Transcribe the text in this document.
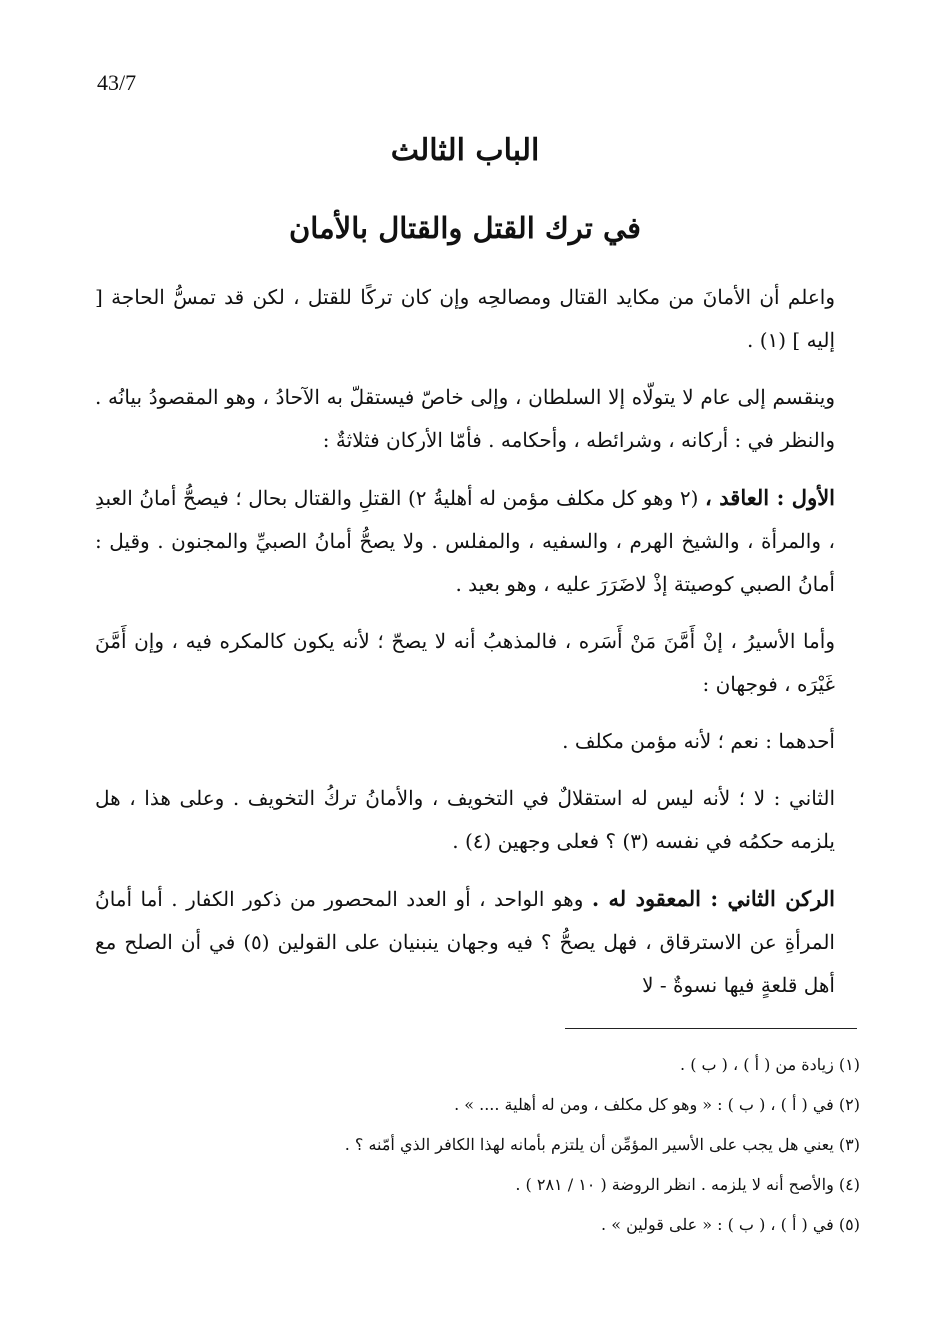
43/7
الباب الثالث
في ترك القتل والقتال بالأمان

واعلم أن الأمانَ من مكايد القتال ومصالحِه وإن كان تركًا للقتل ، لكن قد تمسُّ الحاجة [ إليه ] (١) .

وينقسم إلى عام لا يتولّاه إلا السلطان ، وإلى خاصّ فيستقلّ به الآحادُ ، وهو المقصودُ بيانُه . والنظر في : أركانه ، وشرائطه ، وأحكامه . فأمّا الأركان فثلاثةٌ :

الأول : العاقد ، (٢ وهو كل مكلف مؤمن له أهليةُ ٢) القتلِ والقتال بحال ؛ فيصحُّ أمانُ العبدِ ، والمرأة ، والشيخ الهرم ، والسفيه ، والمفلس . ولا يصحُّ أمانُ الصبيِّ والمجنون . وقيل : أمانُ الصبي كوصيتة إذْ لاضَرَرَ عليه ، وهو بعيد .

وأما الأسيرُ ، إنْ أَمَّنَ مَنْ أَسَره ، فالمذهبُ أنه لا يصحّ ؛ لأنه يكون كالمكره فيه ، وإن أَمَّنَ غَيْرَه ، فوجهان :

أحدهما : نعم ؛ لأنه مؤمن مكلف .

الثاني : لا ؛ لأنه ليس له استقلالٌ في التخويف ، والأمانُ تركُ التخويف . وعلى هذا ، هل يلزمه حكمُه في نفسه (٣) ؟ فعلى وجهين (٤) .

الركن الثاني : المعقود له . وهو الواحد ، أو العدد المحصور من ذكور الكفار . أما أمانُ المرأةِ عن الاسترقاق ، فهل يصحُّ ؟ فيه وجهان ينبنيان على القولين (٥) في أن الصلح مع أهل قلعةٍ فيها نسوةٌ - لا

(١) زيادة من ( أ ) ، ( ب ) .

(٢) في ( أ ) ، ( ب ) : « وهو كل مكلف ، ومن له أهلية .... » .

(٣) يعني هل يجب على الأسير المؤمِّن أن يلتزم بأمانه لهذا الكافر الذي أمّنه ؟ .

(٤) والأصح أنه لا يلزمه . انظر الروضة ( ١٠ / ٢٨١ ) .

(٥) في ( أ ) ، ( ب ) : « على قولين » .
